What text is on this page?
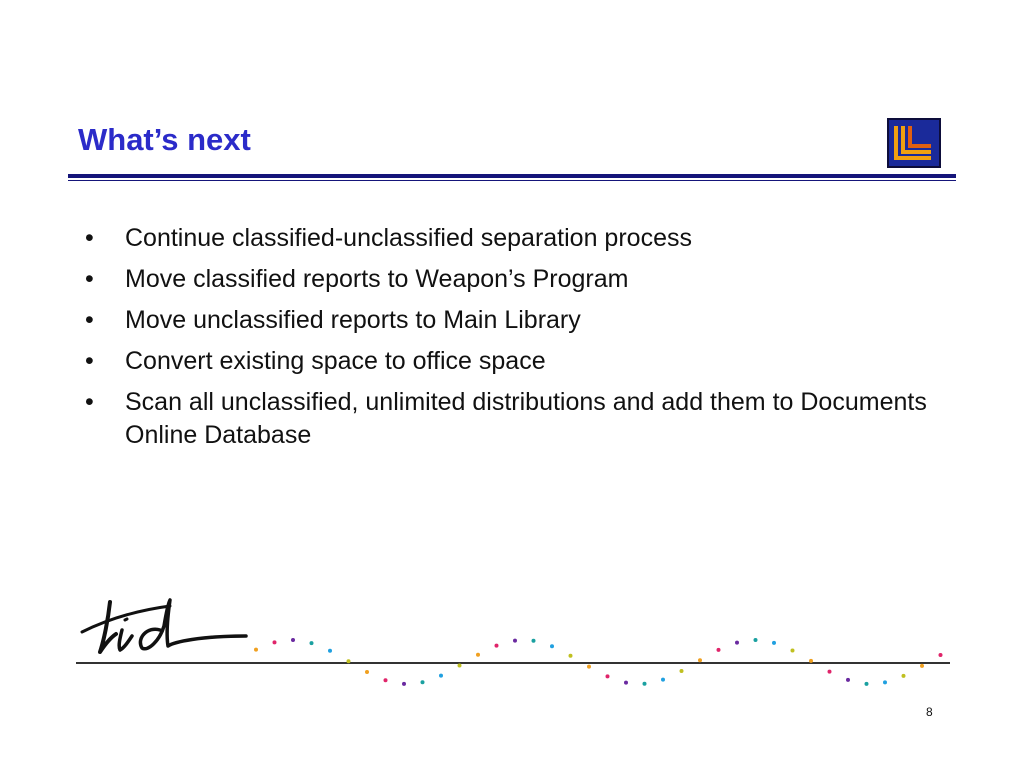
What’s next
• Continue classified-unclassified separation process
• Move classified reports to Weapon’s Program
• Move unclassified reports to Main Library
• Convert existing space to office space
• Scan all unclassified, unlimited distributions and add them to Documents Online Database
8
